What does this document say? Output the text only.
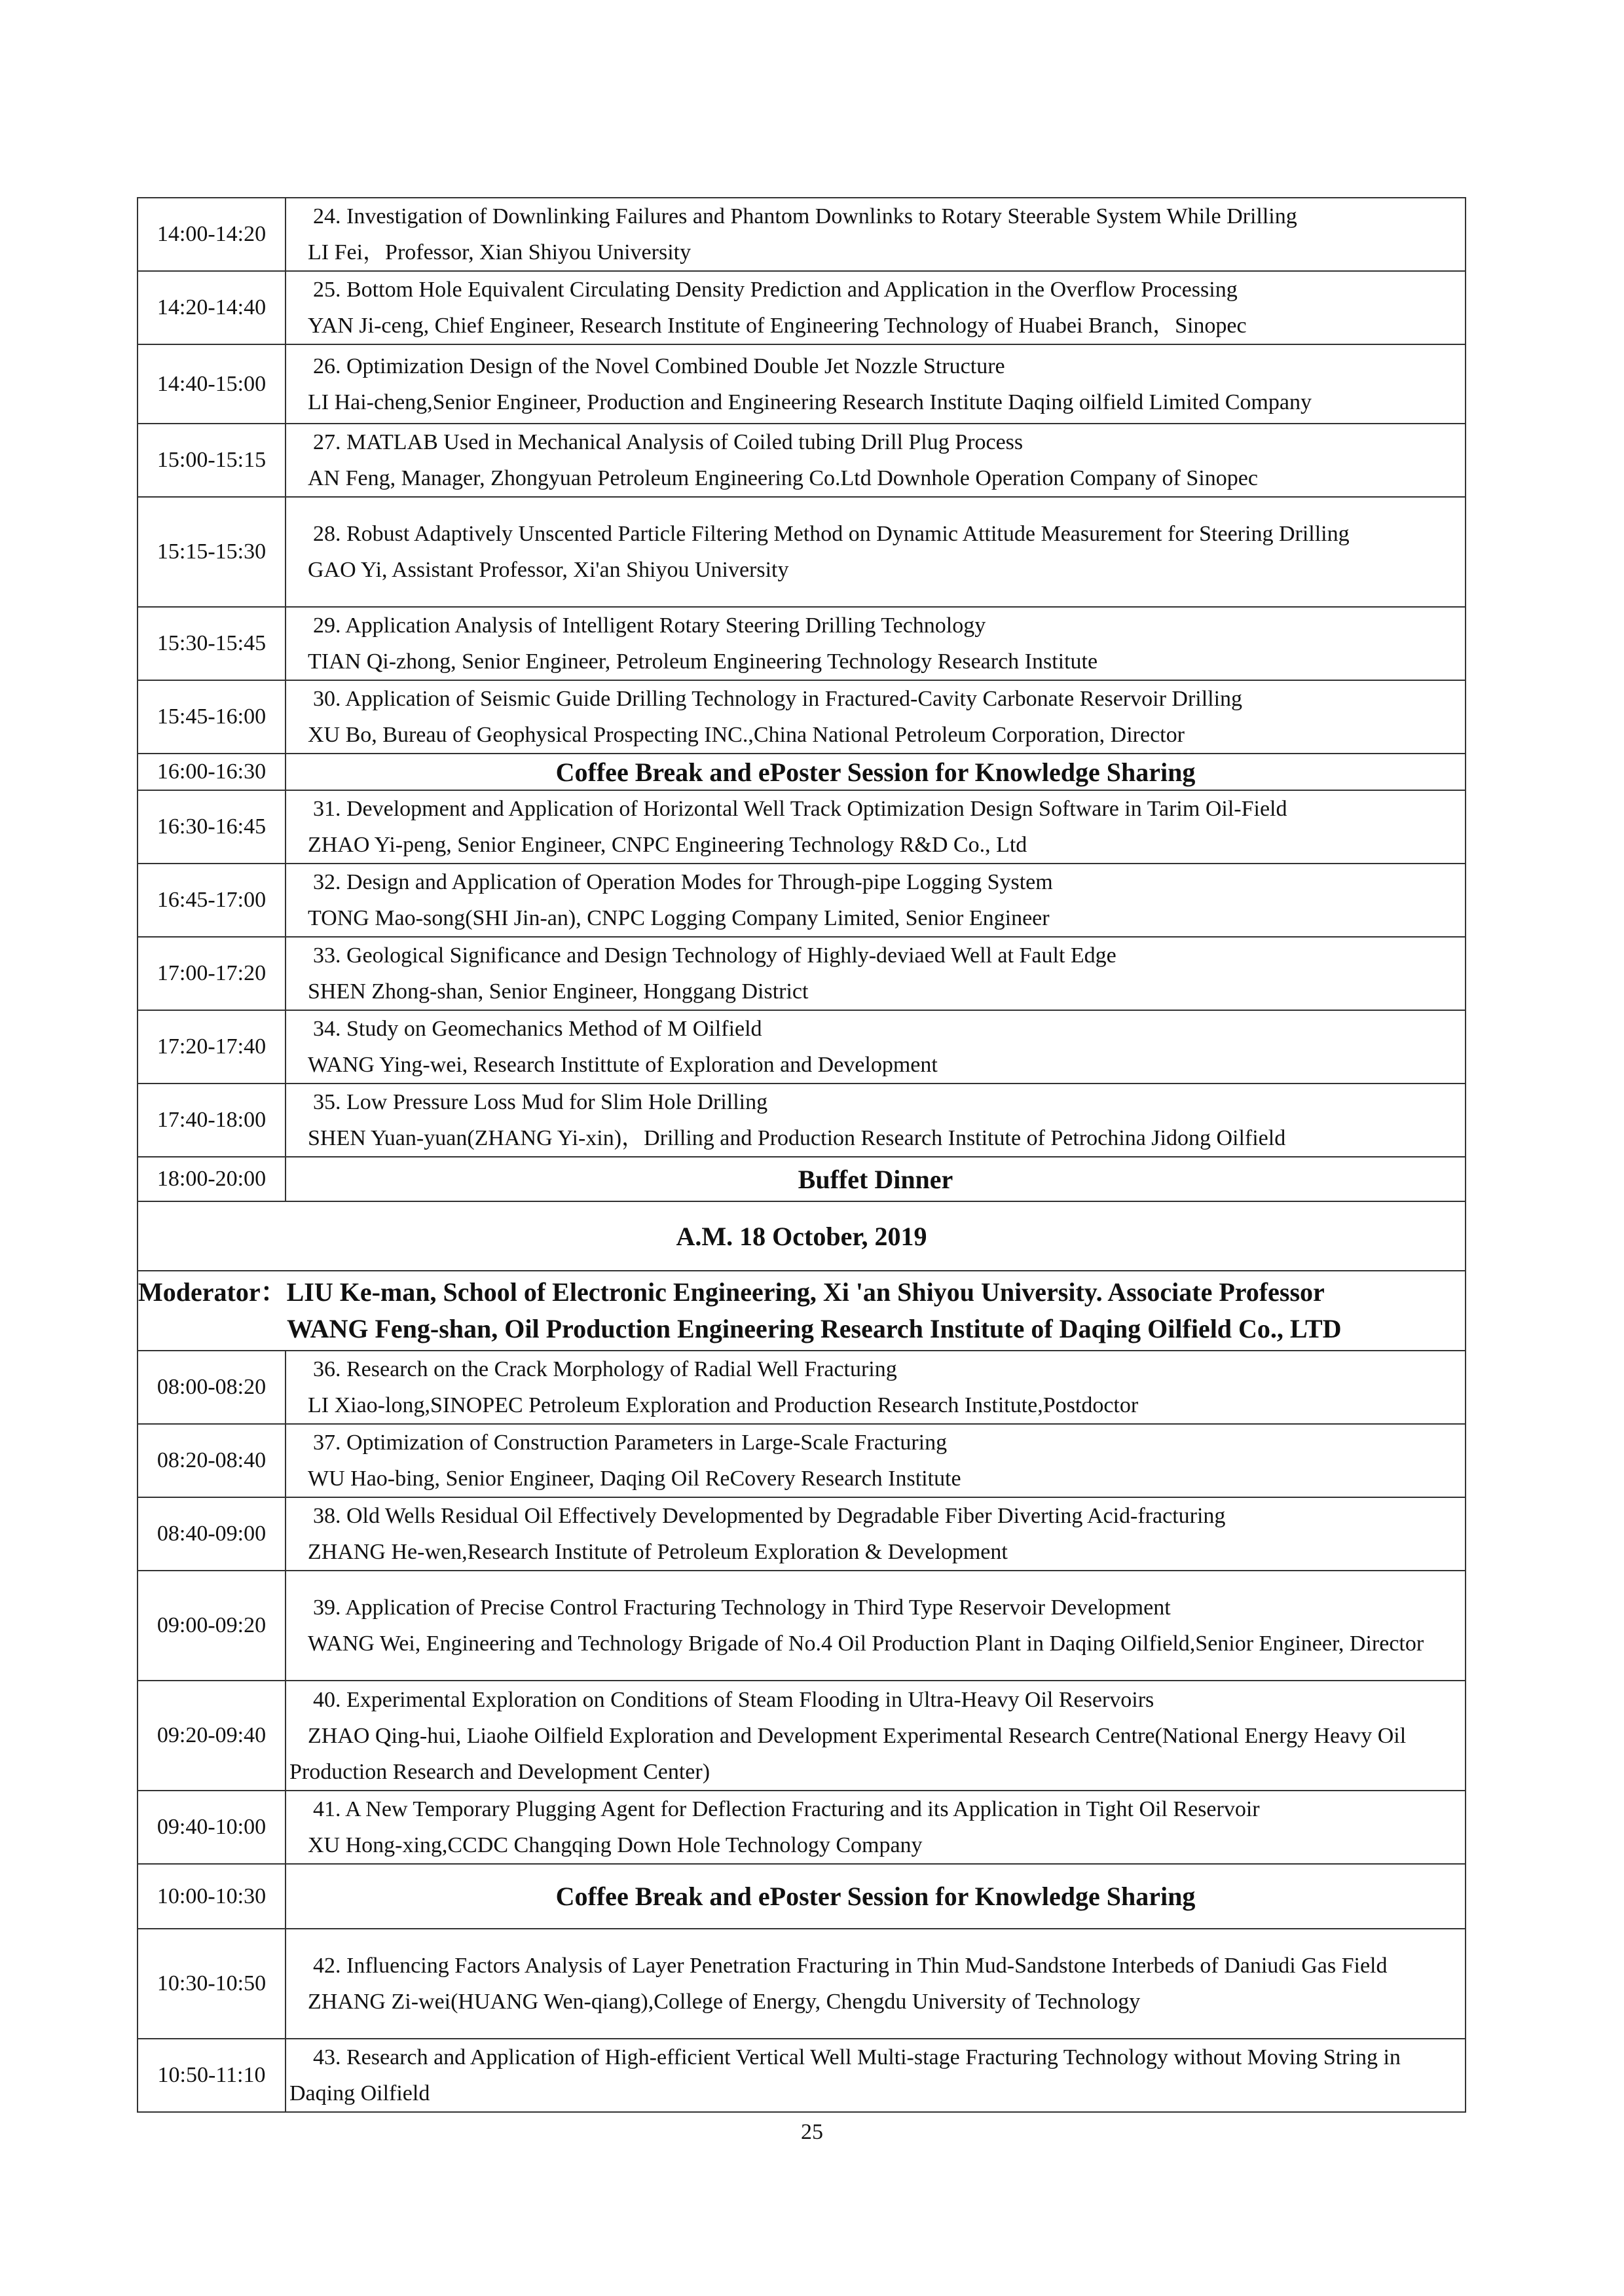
14:00-14:20	24. Investigation of Downlinking Failures and Phantom Downlinks to Rotary Steerable System While Drilling
LI Fei，Professor, Xian Shiyou University

14:20-14:40	25. Bottom Hole Equivalent Circulating Density Prediction and Application in the Overflow Processing
YAN Ji-ceng, Chief Engineer, Research Institute of Engineering Technology of Huabei Branch，Sinopec

14:40-15:00	26. Optimization Design of the Novel Combined Double Jet Nozzle Structure
LI Hai-cheng,Senior Engineer, Production and Engineering Research Institute Daqing oilfield Limited Company

15:00-15:15	27. MATLAB Used in Mechanical Analysis of Coiled tubing Drill Plug Process
AN Feng, Manager, Zhongyuan Petroleum Engineering Co.Ltd Downhole Operation Company of Sinopec

15:15-15:30	28. Robust Adaptively Unscented Particle Filtering Method on Dynamic Attitude Measurement for Steering Drilling
GAO Yi, Assistant Professor, Xi'an Shiyou University

15:30-15:45	29. Application Analysis of Intelligent Rotary Steering Drilling Technology
TIAN Qi-zhong, Senior Engineer, Petroleum Engineering Technology Research Institute

15:45-16:00	30. Application of Seismic Guide Drilling Technology in Fractured-Cavity Carbonate Reservoir Drilling
XU Bo, Bureau of Geophysical Prospecting INC.,China National Petroleum Corporation, Director

16:00-16:30	Coffee Break and ePoster Session for Knowledge Sharing
16:30-16:45	31. Development and Application of Horizontal Well Track Optimization Design Software in Tarim Oil-Field
ZHAO Yi-peng, Senior Engineer, CNPC Engineering Technology R&D Co., Ltd

16:45-17:00	32. Design and Application of Operation Modes for Through-pipe Logging System
TONG Mao-song(SHI Jin-an), CNPC Logging Company Limited, Senior Engineer

17:00-17:20	33. Geological Significance and Design Technology of Highly-deviaed Well at Fault Edge
SHEN Zhong-shan, Senior Engineer, Honggang District

17:20-17:40	34. Study on Geomechanics Method of M Oilfield
WANG Ying-wei, Research Instittute of Exploration and Development

17:40-18:00	35. Low Pressure Loss Mud for Slim Hole Drilling
SHEN Yuan-yuan(ZHANG Yi-xin)，Drilling and Production Research Institute of Petrochina Jidong Oilfield

18:00-20:00	Buffet Dinner
A.M. 18 October, 2019	
Moderator：LIU Ke-man, School of Electronic Engineering, Xi 'an Shiyou University. Associate Professor
WANG Feng-shan, Oil Production Engineering Research Institute of Daqing Oilfield Co., LTD	

08:00-08:20	36. Research on the Crack Morphology of Radial Well Fracturing
LI Xiao-long,SINOPEC Petroleum Exploration and Production Research Institute,Postdoctor

08:20-08:40	37. Optimization of Construction Parameters in Large-Scale Fracturing
WU Hao-bing, Senior Engineer, Daqing Oil ReCovery Research Institute

08:40-09:00	38. Old Wells Residual Oil Effectively Developmented by Degradable Fiber Diverting Acid-fracturing
ZHANG He-wen,Research Institute of Petroleum Exploration & Development

09:00-09:20	39. Application of Precise Control Fracturing Technology in Third Type Reservoir Development
WANG Wei, Engineering and Technology Brigade of No.4 Oil Production Plant in Daqing Oilfield,Senior Engineer, Director

09:20-09:40	40. Experimental Exploration on Conditions of Steam Flooding in Ultra-Heavy Oil Reservoirs
ZHAO Qing-hui, Liaohe Oilfield Exploration and Development Experimental Research Centre(National Energy Heavy Oil Production Research and Development Center)

09:40-10:00	41. A New Temporary Plugging Agent for Deflection Fracturing and its Application in Tight Oil Reservoir
XU Hong-xing,CCDC Changqing Down Hole Technology Company

10:00-10:30	Coffee Break and ePoster Session for Knowledge Sharing
10:30-10:50	42. Influencing Factors Analysis of Layer Penetration Fracturing in Thin Mud-Sandstone Interbeds of Daniudi Gas Field
ZHANG Zi-wei(HUANG Wen-qiang),College of Energy, Chengdu University of Technology

10:50-11:10	43. Research and Application of High-efficient Vertical Well Multi-stage Fracturing Technology without Moving String in Daqing Oilfield
25
